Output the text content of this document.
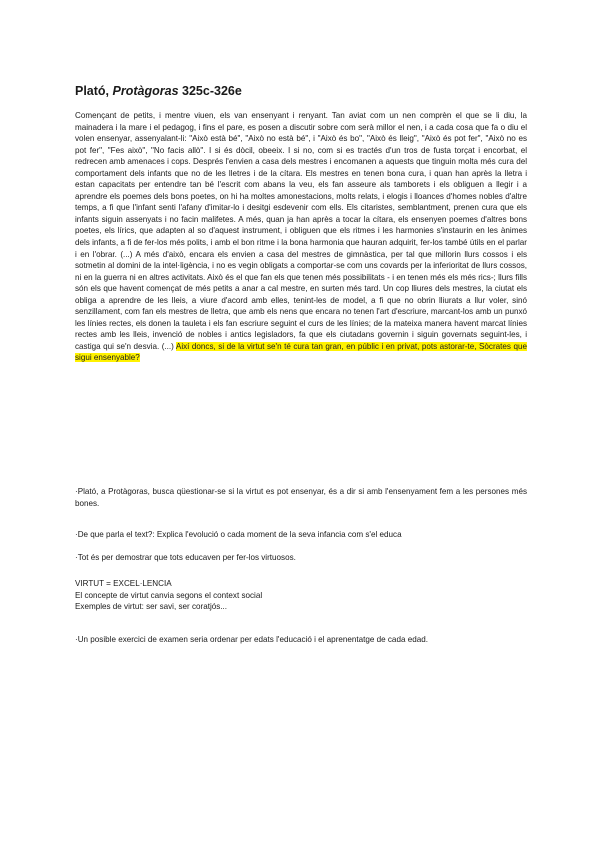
Plató, Protàgoras 325c-326e

Començant de petits, i mentre viuen, els van ensenyant i renyant. Tan aviat com un nen comprèn el que se li diu, la mainadera i la mare i el pedagog, i fins el pare, es posen a discutir sobre com serà millor el nen, i a cada cosa que fa o diu el volen ensenyar, assenyalant-li: "Això està bé", "Això no està bé", i "Això és bo", "Això és lleig", "Això és pot fer", "Això no es pot fer", "Fes això", "No facis allò". I si és dòcil, obeeix. I si no, com si es tractés d'un tros de fusta torçat i encorbat, el redrecen amb amenaces i cops. Després l'envien a casa dels mestres i encomanen a aquests que tinguin molta més cura del comportament dels infants que no de les lletres i de la cítara. Els mestres en tenen bona cura, i quan han après la lletra i estan capacitats per entendre tan bé l'escrit com abans la veu, els fan asseure als tamborets i els obliguen a llegir i a aprendre els poemes dels bons poetes, on hi ha moltes amonestacions, molts relats, i elogis i lloances d'homes nobles d'altre temps, a fi que l'infant senti l'afany d'imitar-lo i desitgi esdevenir com ells. Els citaristes, semblantment, prenen cura que els infants siguin assenyats i no facin malifetes. A més, quan ja han après a tocar la cítara, els ensenyen poemes d'altres bons poetes, els lírics, que adapten al so d'aquest instrument, i obliguen que els ritmes i les harmonies s'instaurin en les ànimes dels infants, a fi de fer-los més polits, i amb el bon ritme i la bona harmonia que hauran adquirit, fer-los també útils en el parlar i en l'obrar. (...) A més d'això, encara els envien a casa del mestres de gimnàstica, per tal que millorin llurs cossos i els sotmetin al domini de la intel·ligència, i no es vegin obligats a comportar-se com uns covards per la inferioritat de llurs cossos, ni en la guerra ni en altres activitats. Això és el que fan els que tenen més possibilitats - i en tenen més els més rics-; llurs fills són els que havent començat de més petits a anar a cal mestre, en surten més tard. Un cop lliures dels mestres, la ciutat els obliga a aprendre de les lleis, a viure d'acord amb elles, tenint-les de model, a fi que no obrin lliurats a llur voler, sinó senzillament, com fan els mestres de lletra, que amb els nens que encara no tenen l'art d'escriure, marcant-los amb un punxó les línies rectes, els donen la tauleta i els fan escriure seguint el curs de les línies; de la mateixa manera havent marcat línies rectes amb les lleis, invenció de nobles i antics legisladors, fa que els ciutadans governin i siguin governats seguint-les, i castiga qui se'n desvia. (...) Així doncs, si de la virtut se'n té cura tan gran, en públic i en privat, pots astorar-te, Sòcrates que sigui ensenyable?

·Plató, a Protàgoras, busca qüestionar-se si la virtut es pot ensenyar, és a dir si amb l'ensenyament fem a les persones més bones.

·De que parla el text?: Explica l'evolució o cada moment de la seva infancia com s'el educa

·Tot és per demostrar que tots educaven per fer-los virtuosos.

VIRTUT = EXCEL·LENCIA
El concepte de virtut canvia segons el context social
Exemples de virtut: ser savi, ser coratjós...

·Un posible exercici de examen seria ordenar per edats l'educació i el aprenentatge de cada edad.
